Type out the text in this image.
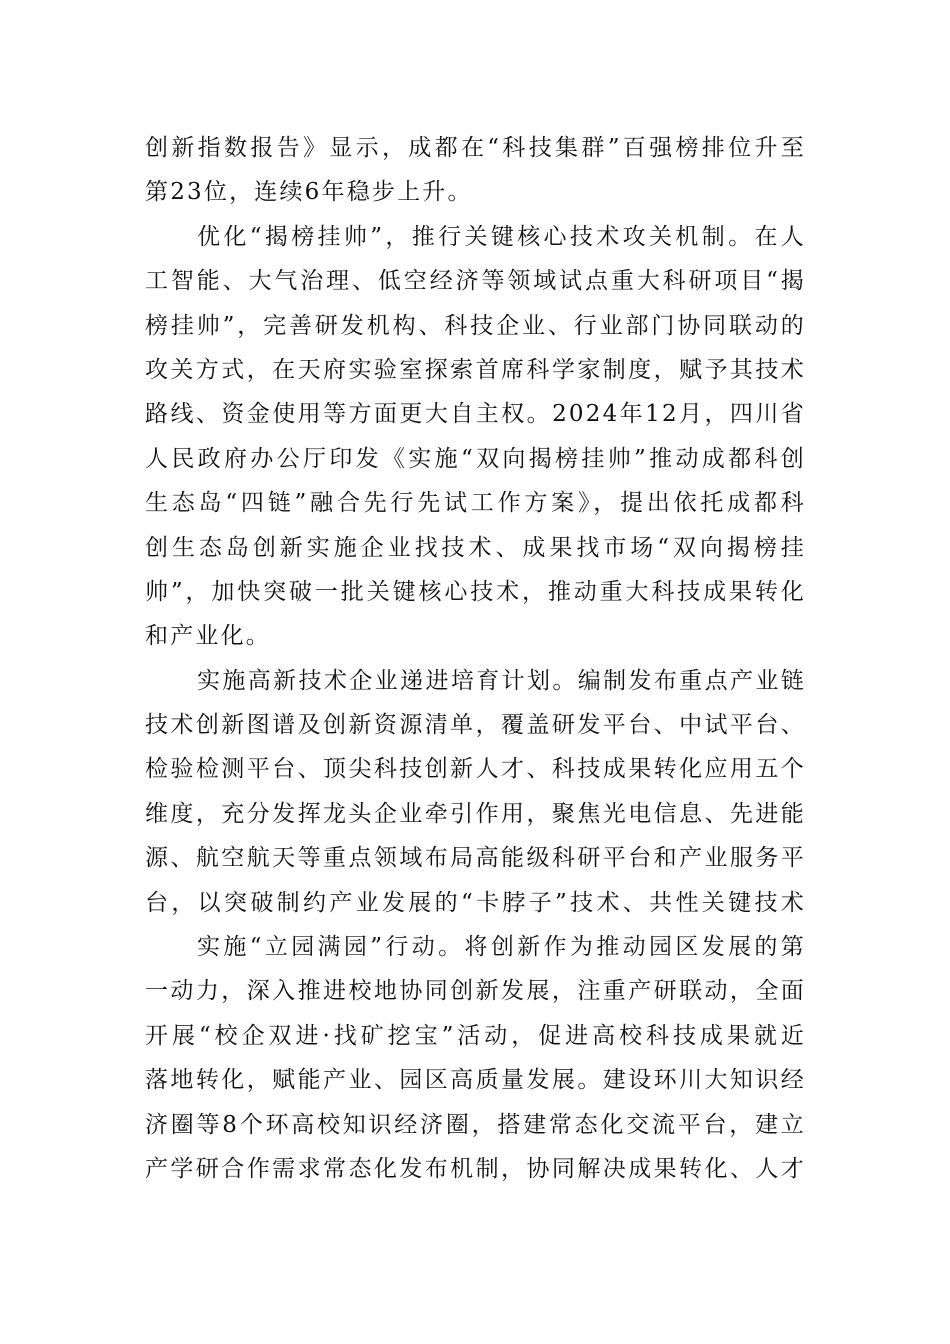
创新指数报告》显示，成都在“科技集群”百强榜排位升至
第23位，连续6年稳步上升。

优化“揭榜挂帅”，推行关键核心技术攻关机制。在人
工智能、大气治理、低空经济等领域试点重大科研项目“揭
榜挂帅”，完善研发机构、科技企业、行业部门协同联动的
攻关方式，在天府实验室探索首席科学家制度，赋予其技术
路线、资金使用等方面更大自主权。2024年12月，四川省
人民政府办公厅印发《实施“双向揭榜挂帅”推动成都科创
生态岛“四链”融合先行先试工作方案》，提出依托成都科
创生态岛创新实施企业找技术、成果找市场“双向揭榜挂
帅”，加快突破一批关键核心技术，推动重大科技成果转化
和产业化。

实施高新技术企业递进培育计划。编制发布重点产业链
技术创新图谱及创新资源清单，覆盖研发平台、中试平台、
检验检测平台、顶尖科技创新人才、科技成果转化应用五个
维度，充分发挥龙头企业牵引作用，聚焦光电信息、先进能
源、航空航天等重点领域布局高能级科研平台和产业服务平
台，以突破制约产业发展的“卡脖子”技术、共性关键技术

实施“立园满园”行动。将创新作为推动园区发展的第
一动力，深入推进校地协同创新发展，注重产研联动，全面
开展“校企双进·找矿挖宝”活动，促进高校科技成果就近
落地转化，赋能产业、园区高质量发展。建设环川大知识经
济圈等8个环高校知识经济圈，搭建常态化交流平台，建立
产学研合作需求常态化发布机制，协同解决成果转化、人才
